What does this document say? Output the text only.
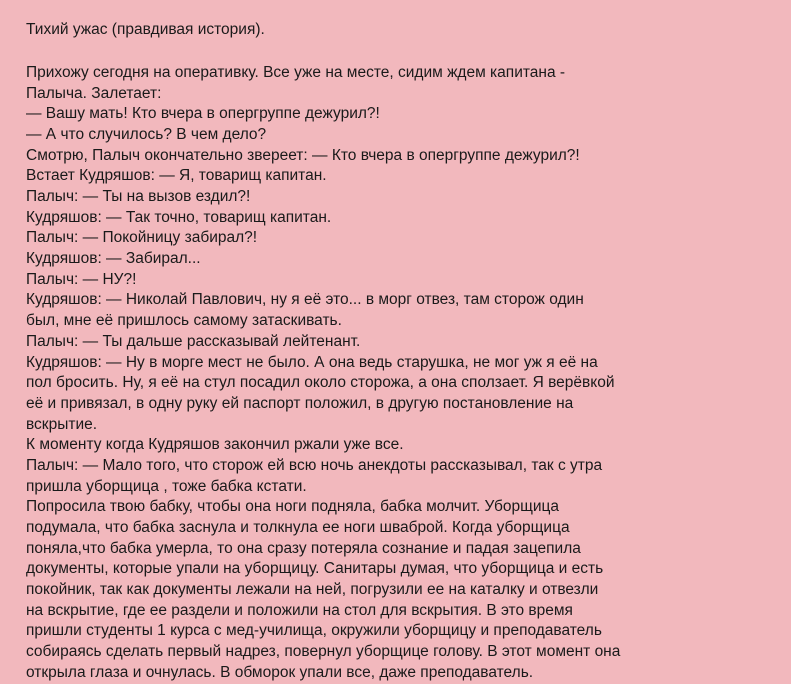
Тихий ужас (правдивая история).

Прихожу сегодня на оперативку. Все уже на месте, сидим ждем капитана -
Палыча. Залетает:
— Вашу мать! Кто вчера в опергруппе дежурил?!
— А что случилось? В чем дело?
Смотрю, Палыч окончательно звереет: — Кто вчера в опергруппе дежурил?!
Встает Кудряшов: — Я, товарищ капитан.
Палыч: — Ты на вызов ездил?!
Кудряшов: — Так точно, товарищ капитан.
Палыч: — Покойницу забирал?!
Кудряшов: — Забирал...
Палыч: — НУ?!
Кудряшов: — Николай Павлович, ну я её это... в морг отвез, там сторож один
был, мне её пришлось самому затаскивать.
Палыч: — Ты дальше рассказывай лейтенант.
Кудряшов: — Ну в морге мест не было. А она ведь старушка, не мог уж я её на
пол бросить. Ну, я её на стул посадил около сторожа, а она сползает. Я верёвкой
её и привязал, в одну руку ей паспорт положил, в другую постановление на
вскрытие.
К моменту когда Кудряшов закончил ржали уже все.
Палыч: — Мало того, что сторож ей всю ночь анекдоты рассказывал, так с утра
пришла уборщица , тоже бабка кстати.
Попросила твою бабку, чтобы она ноги подняла, бабка молчит. Уборщица
подумала, что бабка заснула и толкнула ее ноги шваброй. Когда уборщица
поняла,что бабка умерла, то она сразу потеряла сознание и падая зацепила
документы, которые упали на уборщицу. Санитары думая, что уборщица и есть
покойник, так как документы лежали на ней, погрузили ее на каталку и отвезли
на вскрытие, где ее раздели и положили на стол для вскрытия. В это время
пришли студенты 1 курса с мед-училища, окружили уборщицу и преподаватель
собираясь сделать первый надрез, повернул уборщице голову. В этот момент она
открыла глаза и очнулась. В обморок упали все, даже преподаватель.
